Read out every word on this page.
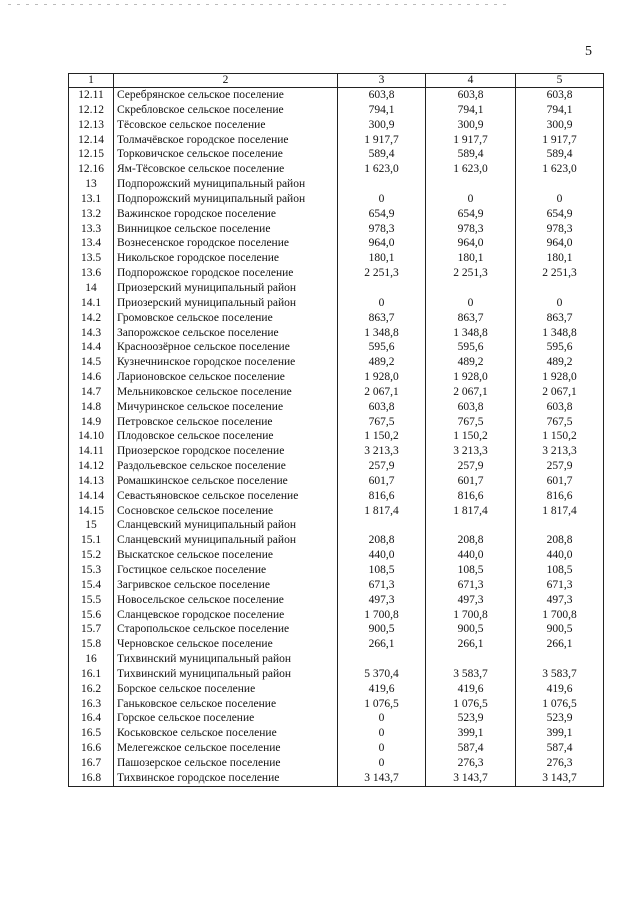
5
1	2	3	4	5
12.11	Серебрянское сельское поселение	603,8	603,8	603,8
12.12	Скребловское сельское поселение	794,1	794,1	794,1
12.13	Тёсовское сельское поселение	300,9	300,9	300,9
12.14	Толмачёвское городское поселение	1 917,7	1 917,7	1 917,7
12.15	Торковичское сельское поселение	589,4	589,4	589,4
12.16	Ям-Тёсовское сельское поселение	1 623,0	1 623,0	1 623,0
13	Подпорожский муниципальный район			
13.1	Подпорожский муниципальный район	0	0	0
13.2	Важинское городское поселение	654,9	654,9	654,9
13.3	Винницкое сельское поселение	978,3	978,3	978,3
13.4	Вознесенское городское поселение	964,0	964,0	964,0
13.5	Никольское городское поселение	180,1	180,1	180,1
13.6	Подпорожское городское поселение	2 251,3	2 251,3	2 251,3
14	Приозерский муниципальный район			
14.1	Приозерский муниципальный район	0	0	0
14.2	Громовское сельское поселение	863,7	863,7	863,7
14.3	Запорожское сельское поселение	1 348,8	1 348,8	1 348,8
14.4	Красноозёрное сельское поселение	595,6	595,6	595,6
14.5	Кузнечнинское городское поселение	489,2	489,2	489,2
14.6	Ларионовское сельское поселение	1 928,0	1 928,0	1 928,0
14.7	Мельниковское сельское поселение	2 067,1	2 067,1	2 067,1
14.8	Мичуринское сельское поселение	603,8	603,8	603,8
14.9	Петровское сельское поселение	767,5	767,5	767,5
14.10	Плодовское сельское поселение	1 150,2	1 150,2	1 150,2
14.11	Приозерское городское поселение	3 213,3	3 213,3	3 213,3
14.12	Раздольевское сельское поселение	257,9	257,9	257,9
14.13	Ромашкинское сельское поселение	601,7	601,7	601,7
14.14	Севастьяновское сельское поселение	816,6	816,6	816,6
14.15	Сосновское сельское поселение	1 817,4	1 817,4	1 817,4
15	Сланцевский муниципальный район			
15.1	Сланцевский муниципальный район	208,8	208,8	208,8
15.2	Выскатское сельское поселение	440,0	440,0	440,0
15.3	Гостицкое сельское поселение	108,5	108,5	108,5
15.4	Загривское сельское поселение	671,3	671,3	671,3
15.5	Новосельское сельское поселение	497,3	497,3	497,3
15.6	Сланцевское городское поселение	1 700,8	1 700,8	1 700,8
15.7	Старопольское сельское поселение	900,5	900,5	900,5
15.8	Черновское сельское поселение	266,1	266,1	266,1
16	Тихвинский муниципальный район			
16.1	Тихвинский муниципальный район	5 370,4	3 583,7	3 583,7
16.2	Борское сельское поселение	419,6	419,6	419,6
16.3	Ганьковское сельское поселение	1 076,5	1 076,5	1 076,5
16.4	Горское сельское поселение	0	523,9	523,9
16.5	Коськовское сельское поселение	0	399,1	399,1
16.6	Мелегежское сельское поселение	0	587,4	587,4
16.7	Пашозерское сельское поселение	0	276,3	276,3
16.8	Тихвинское городское поселение	3 143,7	3 143,7	3 143,7
